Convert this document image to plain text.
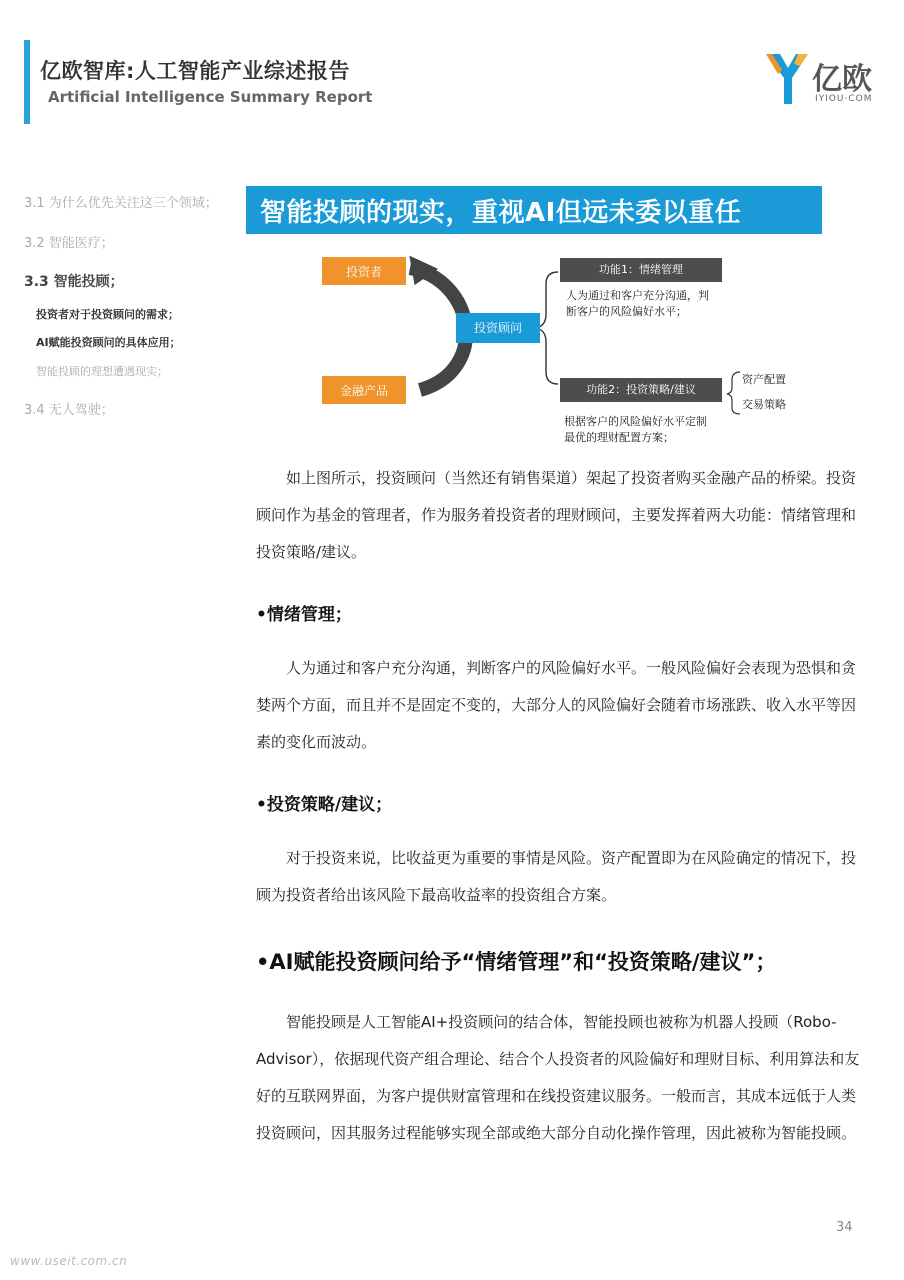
亿欧智库:人工智能产业综述报告
Artificial Intelligence Summary Report	亿欧
IYIOU·COM
3.1 为什么优先关注这三个领域；
3.2 智能医疗；
3.3 智能投顾；
投资者对于投资顾问的需求；
AI赋能投资顾问的具体应用；
智能投顾的理想遭遇现实；
3.4 无人驾驶；
智能投顾的现实，重视AI但远未委以重任
投资者
金融产品
投资顾问
功能1：情绪管理
人为通过和客户充分沟通，判
断客户的风险偏好水平；
功能2：投资策略/建议
根据客户的风险偏好水平定制
最优的理财配置方案；
资产配置
交易策略

如上图所示，投资顾问（当然还有销售渠道）架起了投资者购买金融产品的桥梁。投资顾问作为基金的管理者，作为服务着投资者的理财顾问，主要发挥着两大功能：情绪管理和投资策略/建议。

•情绪管理；

人为通过和客户充分沟通，判断客户的风险偏好水平。一般风险偏好会表现为恐惧和贪婪两个方面，而且并不是固定不变的，大部分人的风险偏好会随着市场涨跌、收入水平等因素的变化而波动。

•投资策略/建议；

对于投资来说，比收益更为重要的事情是风险。资产配置即为在风险确定的情况下，投顾为投资者给出该风险下最高收益率的投资组合方案。

•AI赋能投资顾问给予“情绪管理”和“投资策略/建议”；

智能投顾是人工智能AI+投资顾问的结合体，智能投顾也被称为机器人投顾（Robo-Advisor），依据现代资产组合理论、结合个人投资者的风险偏好和理财目标、利用算法和友好的互联网界面，为客户提供财富管理和在线投资建议服务。一般而言，其成本远低于人类投资顾问，因其服务过程能够实现全部或绝大部分自动化操作管理，因此被称为智能投顾。

34
www.useit.com.cn
